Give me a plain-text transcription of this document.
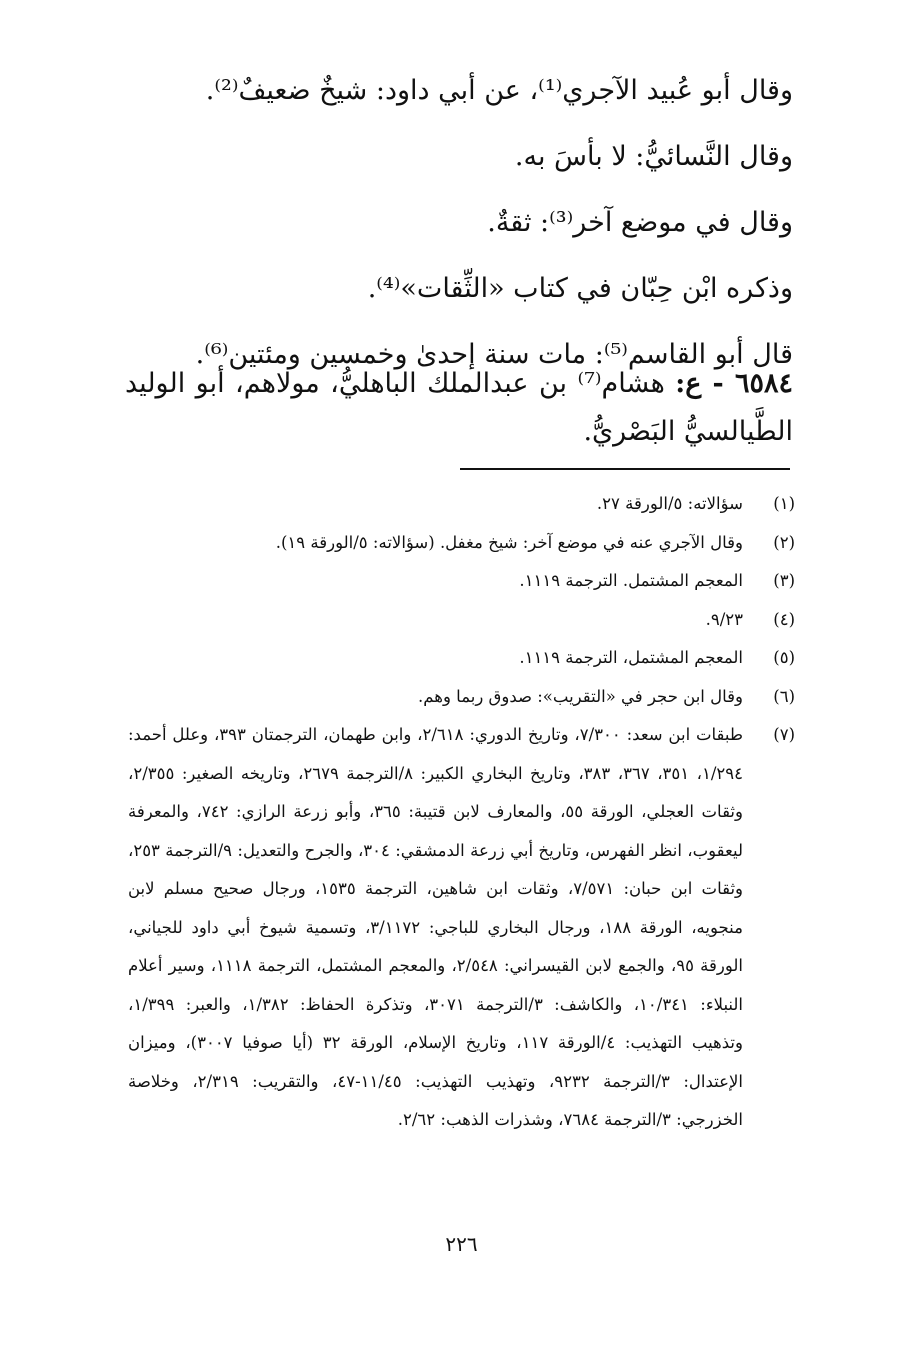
وقال أبو عُبيد الآجري⁽¹⁾، عن أبي داود: شيخٌ ضعيفٌ⁽²⁾.
وقال النَّسائيُّ: لا بأسَ به.
وقال في موضع آخر⁽³⁾: ثقةٌ.
وذكره ابْن حِبّان في كتاب «الثِّقات»⁽⁴⁾.
قال أبو القاسم⁽⁵⁾: مات سنة إحدىٰ وخمسين ومئتين⁽⁶⁾.
٦٥٨٤ - ع: هشام⁽⁷⁾ بن عبدالملك الباهليُّ، مولاهم، أبو الوليد الطَّيالسيُّ البَصْريُّ.
(١)
سؤالاته: ٥/الورقة ٢٧.
(٢)
وقال الآجري عنه في موضع آخر: شيخ مغفل. (سؤالاته: ٥/الورقة ١٩).
(٣)
المعجم المشتمل. الترجمة ١١١٩.
(٤)
٩/٢٣.
(٥)
المعجم المشتمل، الترجمة ١١١٩.
(٦)
وقال ابن حجر في «التقريب»: صدوق ربما وهم.
(٧)
طبقات ابن سعد: ٧/٣٠٠، وتاريخ الدوري: ٢/٦١٨، وابن طهمان، الترجمتان ٣٩٣، وعلل أحمد: ١/٢٩٤، ٣٥١، ٣٦٧، ٣٨٣، وتاريخ البخاري الكبير: ٨/الترجمة ٢٦٧٩، وتاريخه الصغير: ٢/٣٥٥، وثقات العجلي، الورقة ٥٥، والمعارف لابن قتيبة: ٣٦٥، وأبو زرعة الرازي: ٧٤٢، والمعرفة ليعقوب، انظر الفهرس، وتاريخ أبي زرعة الدمشقي: ٣٠٤، والجرح والتعديل: ٩/الترجمة ٢٥٣، وثقات ابن حبان: ٧/٥٧١، وثقات ابن شاهين، الترجمة ١٥٣٥، ورجال صحيح مسلم لابن منجويه، الورقة ١٨٨، ورجال البخاري للباجي: ٣/١١٧٢، وتسمية شيوخ أبي داود للجياني، الورقة ٩٥، والجمع لابن القيسراني: ٢/٥٤٨، والمعجم المشتمل، الترجمة ١١١٨، وسير أعلام النبلاء: ١٠/٣٤١، والكاشف: ٣/الترجمة ٣٠٧١، وتذكرة الحفاظ: ١/٣٨٢، والعبر: ١/٣٩٩، وتذهيب التهذيب: ٤/الورقة ١١٧، وتاريخ الإسلام، الورقة ٣٢ (أيا صوفيا ٣٠٠٧)، وميزان الإعتدال: ٣/الترجمة ٩٢٣٢، وتهذيب التهذيب: ١١/٤٥-٤٧، والتقريب: ٢/٣١٩، وخلاصة الخزرجي: ٣/الترجمة ٧٦٨٤، وشذرات الذهب: ٢/٦٢.
٢٢٦
